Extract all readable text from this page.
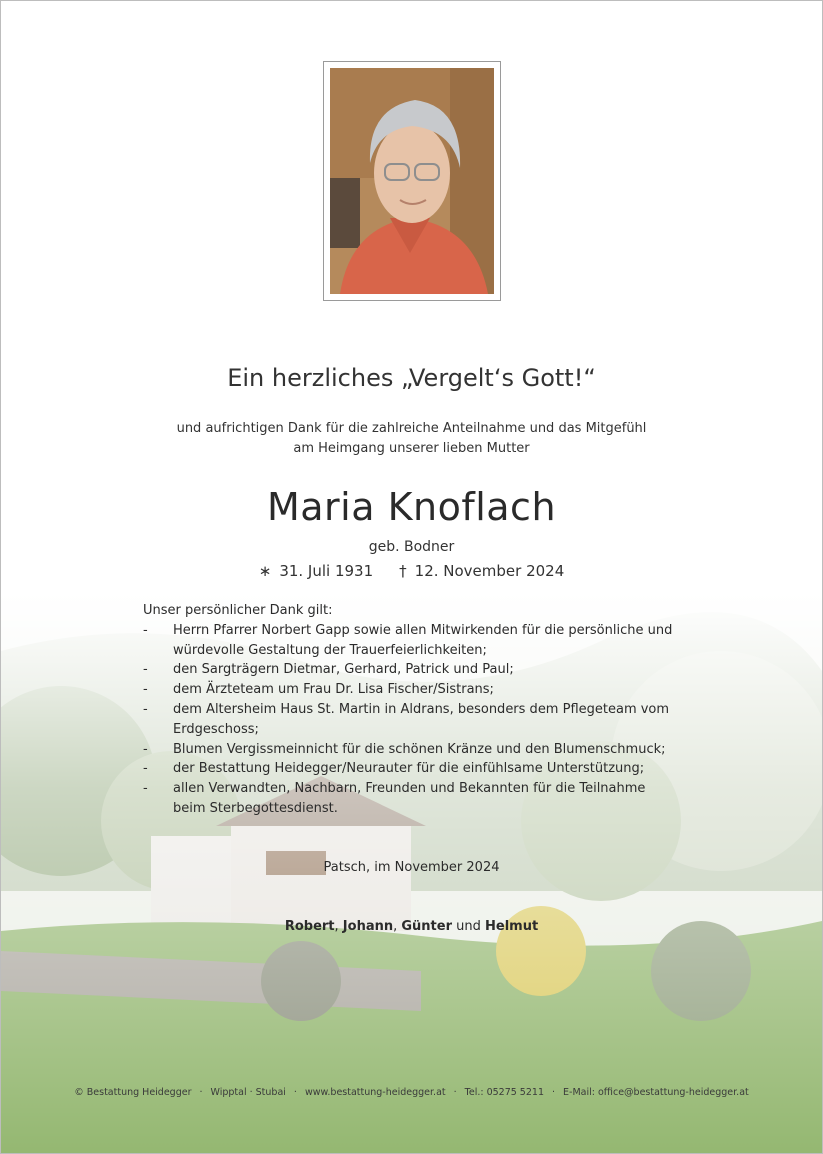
Ein herzliches „Vergelt‘s Gott!“
und aufrichtigen Dank für die zahlreiche Anteilnahme und das Mitgefühl
am Heimgang unserer lieben Mutter
Maria Knoflach
geb. Bodner
∗ 31. Juli 1931 † 12. November 2024
Unser persönlicher Dank gilt:
- Herrn Pfarrer Norbert Gapp sowie allen Mitwirkenden für die persönliche und
würdevolle Gestaltung der Trauerfeierlichkeiten;
- den Sargträgern Dietmar, Gerhard, Patrick und Paul;
- dem Ärzteteam um Frau Dr. Lisa Fischer/Sistrans;
- dem Altersheim Haus St. Martin in Aldrans, besonders dem Pflegeteam vom
Erdgeschoss;
- Blumen Vergissmeinnicht für die schönen Kränze und den Blumenschmuck;
- der Bestattung Heidegger/Neurauter für die einfühlsame Unterstützung;
- allen Verwandten, Nachbarn, Freunden und Bekannten für die Teilnahme
beim Sterbegottesdienst.
Patsch, im November 2024
Robert, Johann, Günter und Helmut
© Bestattung Heidegger · Wipptal · Stubai · www.bestattung-heidegger.at · Tel.: 05275 5211 · E-Mail: office@bestattung-heidegger.at
